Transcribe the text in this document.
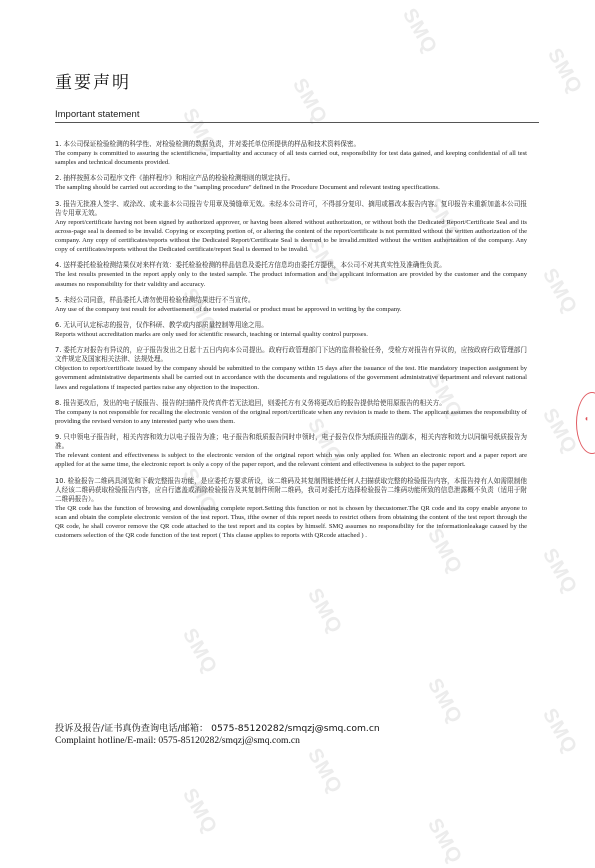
SMQ
SMQ
SMQ
SMQ
SMQ
SMQ
SMQ
SMQ
SMQ
SMQ
SMQ
SMQ
SMQ
SMQ
SMQ
SMQ
SMQ
SMQ
SMQ
SMQ
SMQ
重要声明
Important statement

1. 本公司保证检验检测的科学性、对检验检测的数据负责，并对委托单位所提供的样品和技术资料保密。

The company is committed to assuring the scientificness, impartiality and accuracy of all tests carried out, responsibility for test data gained, and keeping confidential of all test samples and technical documents provided.

2. 抽样按照本公司程序文件《抽样程序》和相应产品的检验检测细则的规定执行。

The sampling should be carried out according to the "sampling procedure" defined in the Procedure Document and relevant testing specifications.

3. 报告无批准人签字、或涂改、或未盖本公司报告专用章及骑缝章无效。未经本公司许可，不得部分复印、摘用或篡改本报告内容。复印报告未重新加盖本公司报告专用章无效。

Any report/certificate having not been signed by authorized approver, or having been altered without authorization, or without both the Dedicated Report/Certificate Seal and its across-page seal is deemed to be invalid. Copying or excerpting portion of, or altering the content of the report/certificate is not permitted without the written authorization of the company. Any copy of certificates/reports without the Dedicated Report/Certificate Seal is deemed to be invalid.rmitted without the written authorization of the company. Any copy of certificates/reports without the Dedicated certificate/report Seal is deemed to be invalid.

4. 送样委托检验检测结果仅对来样有效：委托检验检测的样品信息及委托方信息均由委托方提供，本公司不对其真实性及准确性负责。

The lest results presented in the report apply only to the tested sample. The product information and the applicant information are provided by the customer and the company assumes no responsibility for their validity and accuracy.

5. 未经公司同意，样品委托人请勿使用检验检测结果进行不当宣传。

Any use of the company test result for advertisement of the tested material or product must be approved in writing by the company.

6. 无认可认定标志的报告，仅作科研、教学或内部质量控制等用途之用。

Reports without accreditation marks are only used for scientific research, teaching or internal quality control purposes.

7. 委托方对报告有异议的，应于报告发出之日起十五日内向本公司提出。政府行政管理部门下达的监督检验任务，受检方对报告有异议的，应按政府行政管理部门文件规定及国家相关法律、法规处理。

Objection to report/certificate issued by the company should be submitted to the company within 15 days after the issuance of the test. Hie mandatory inspection assignment by government administrative departments shall be carried out in accordance with the documents and regulations of the government administrative department and relevant national laws and regulations if inspected parties raise any objection to the inspection.

8. 报告更改后，发出的电子版报告、报告的扫描件及传真件若无法追回，则委托方有义务将更改后的报告提供给使用原报告的相关方。

The company is not responsible for recalling the electronic version of the original report/certificate when any revision is made to them. The applicant assumes the responsibility of providing the revised version to any interested party who uses them.

9. 只申领电子报告时，相关内容和效力以电子报告为准；电子报告和纸质报告同时申领时，电子报告仅作为纸质报告的副本，相关内容和效力以同编号纸质报告为准。

The relevant content and effectiveness is subject to the electronic version of the original report which was only applied for. When an electronic report and a paper report are applied for at the same time, the electronic report is only a copy of the paper report, and the relevant content and effectiveness is subject to the paper report.

10. 检验报告二维码具浏览和下载完整报告功能，是应委托方要求所设，该二维码及其复制图能使任何人扫描获取完整的检验报告内容，本报告持有人如需限制他人经该二维码获取检验报告内容，应自行遮盖或消除检验报告及其复制件所附二维码，我司对委托方选择检验报告二维码功能所致的信息泄露概不负责（适用于附二维码报告）。

The QR code has the function of browsing and downloading complete report.Setting this function or not is chosen by thecustomer.The QR code and its copy enable anyone to scan and obtain the complete electronic version of the test report. Thus, ifthe owner of this report needs to restrict others from obtaining the content of the test report through the QR code, he shall coveror remove the QR code attached to the test report and its copies by himself. SMQ assumes no responsibility for the informationleakage caused by the customers selection of the QR code function of the test report ( This clause applies to reports with QRcode attached ) .

投诉及报告/证书真伪查询电话/邮箱： 0575-85120282/smqzj@smq.com.cn

Complaint hotline/E-mail: 0575-85120282/smqzj@smq.com.cn

◖
